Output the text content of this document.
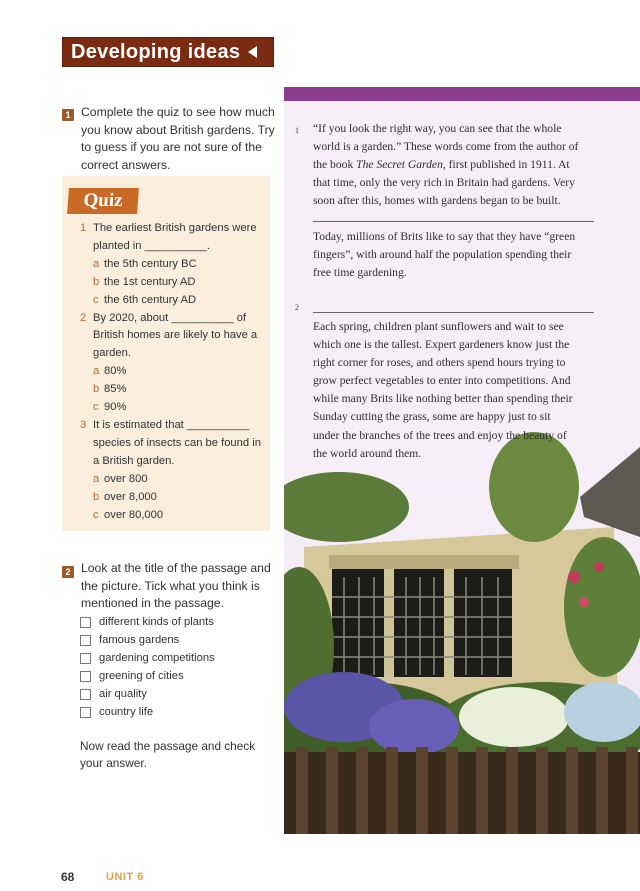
Developing ideas
1 Complete the quiz to see how much
you know about British gardens. Try
to guess if you are not sure of the
correct answers.
Quiz
1 The earliest British gardens were
planted in __________.
a the 5th century BC
b the 1st century AD
c the 6th century AD
2 By 2020, about __________ of
British homes are likely to have a
garden.
a 80%
b 85%
c 90%
3 It is estimated that __________
species of insects can be found in
a British garden.
a over 800
b over 8,000
c over 80,000
2 Look at the title of the passage and
the picture. Tick what you think is
mentioned in the passage.
different kinds of plants
famous gardens
gardening competitions
greening of cities
air quality
country life
Now read the passage and check
your answer.
1 “If you look the right way, you can see that the whole
world is a garden.” These words come from the author of
the book The Secret Garden, first published in 1911. At
that time, only the very rich in Britain had gardens. Very
soon after this, homes with gardens began to be built.
Today, millions of Brits like to say that they have “green
fingers”, with around half the population spending their
free time gardening.
2
Each spring, children plant sunflowers and wait to see
which one is the tallest. Expert gardeners know just the
right corner for roses, and others spend hours trying to
grow perfect vegetables to enter into competitions. And
while many Brits like nothing better than spending their
Sunday cutting the grass, some are happy just to sit
under the branches of the trees and enjoy the beauty of
the world around them.
68	UNIT 6
